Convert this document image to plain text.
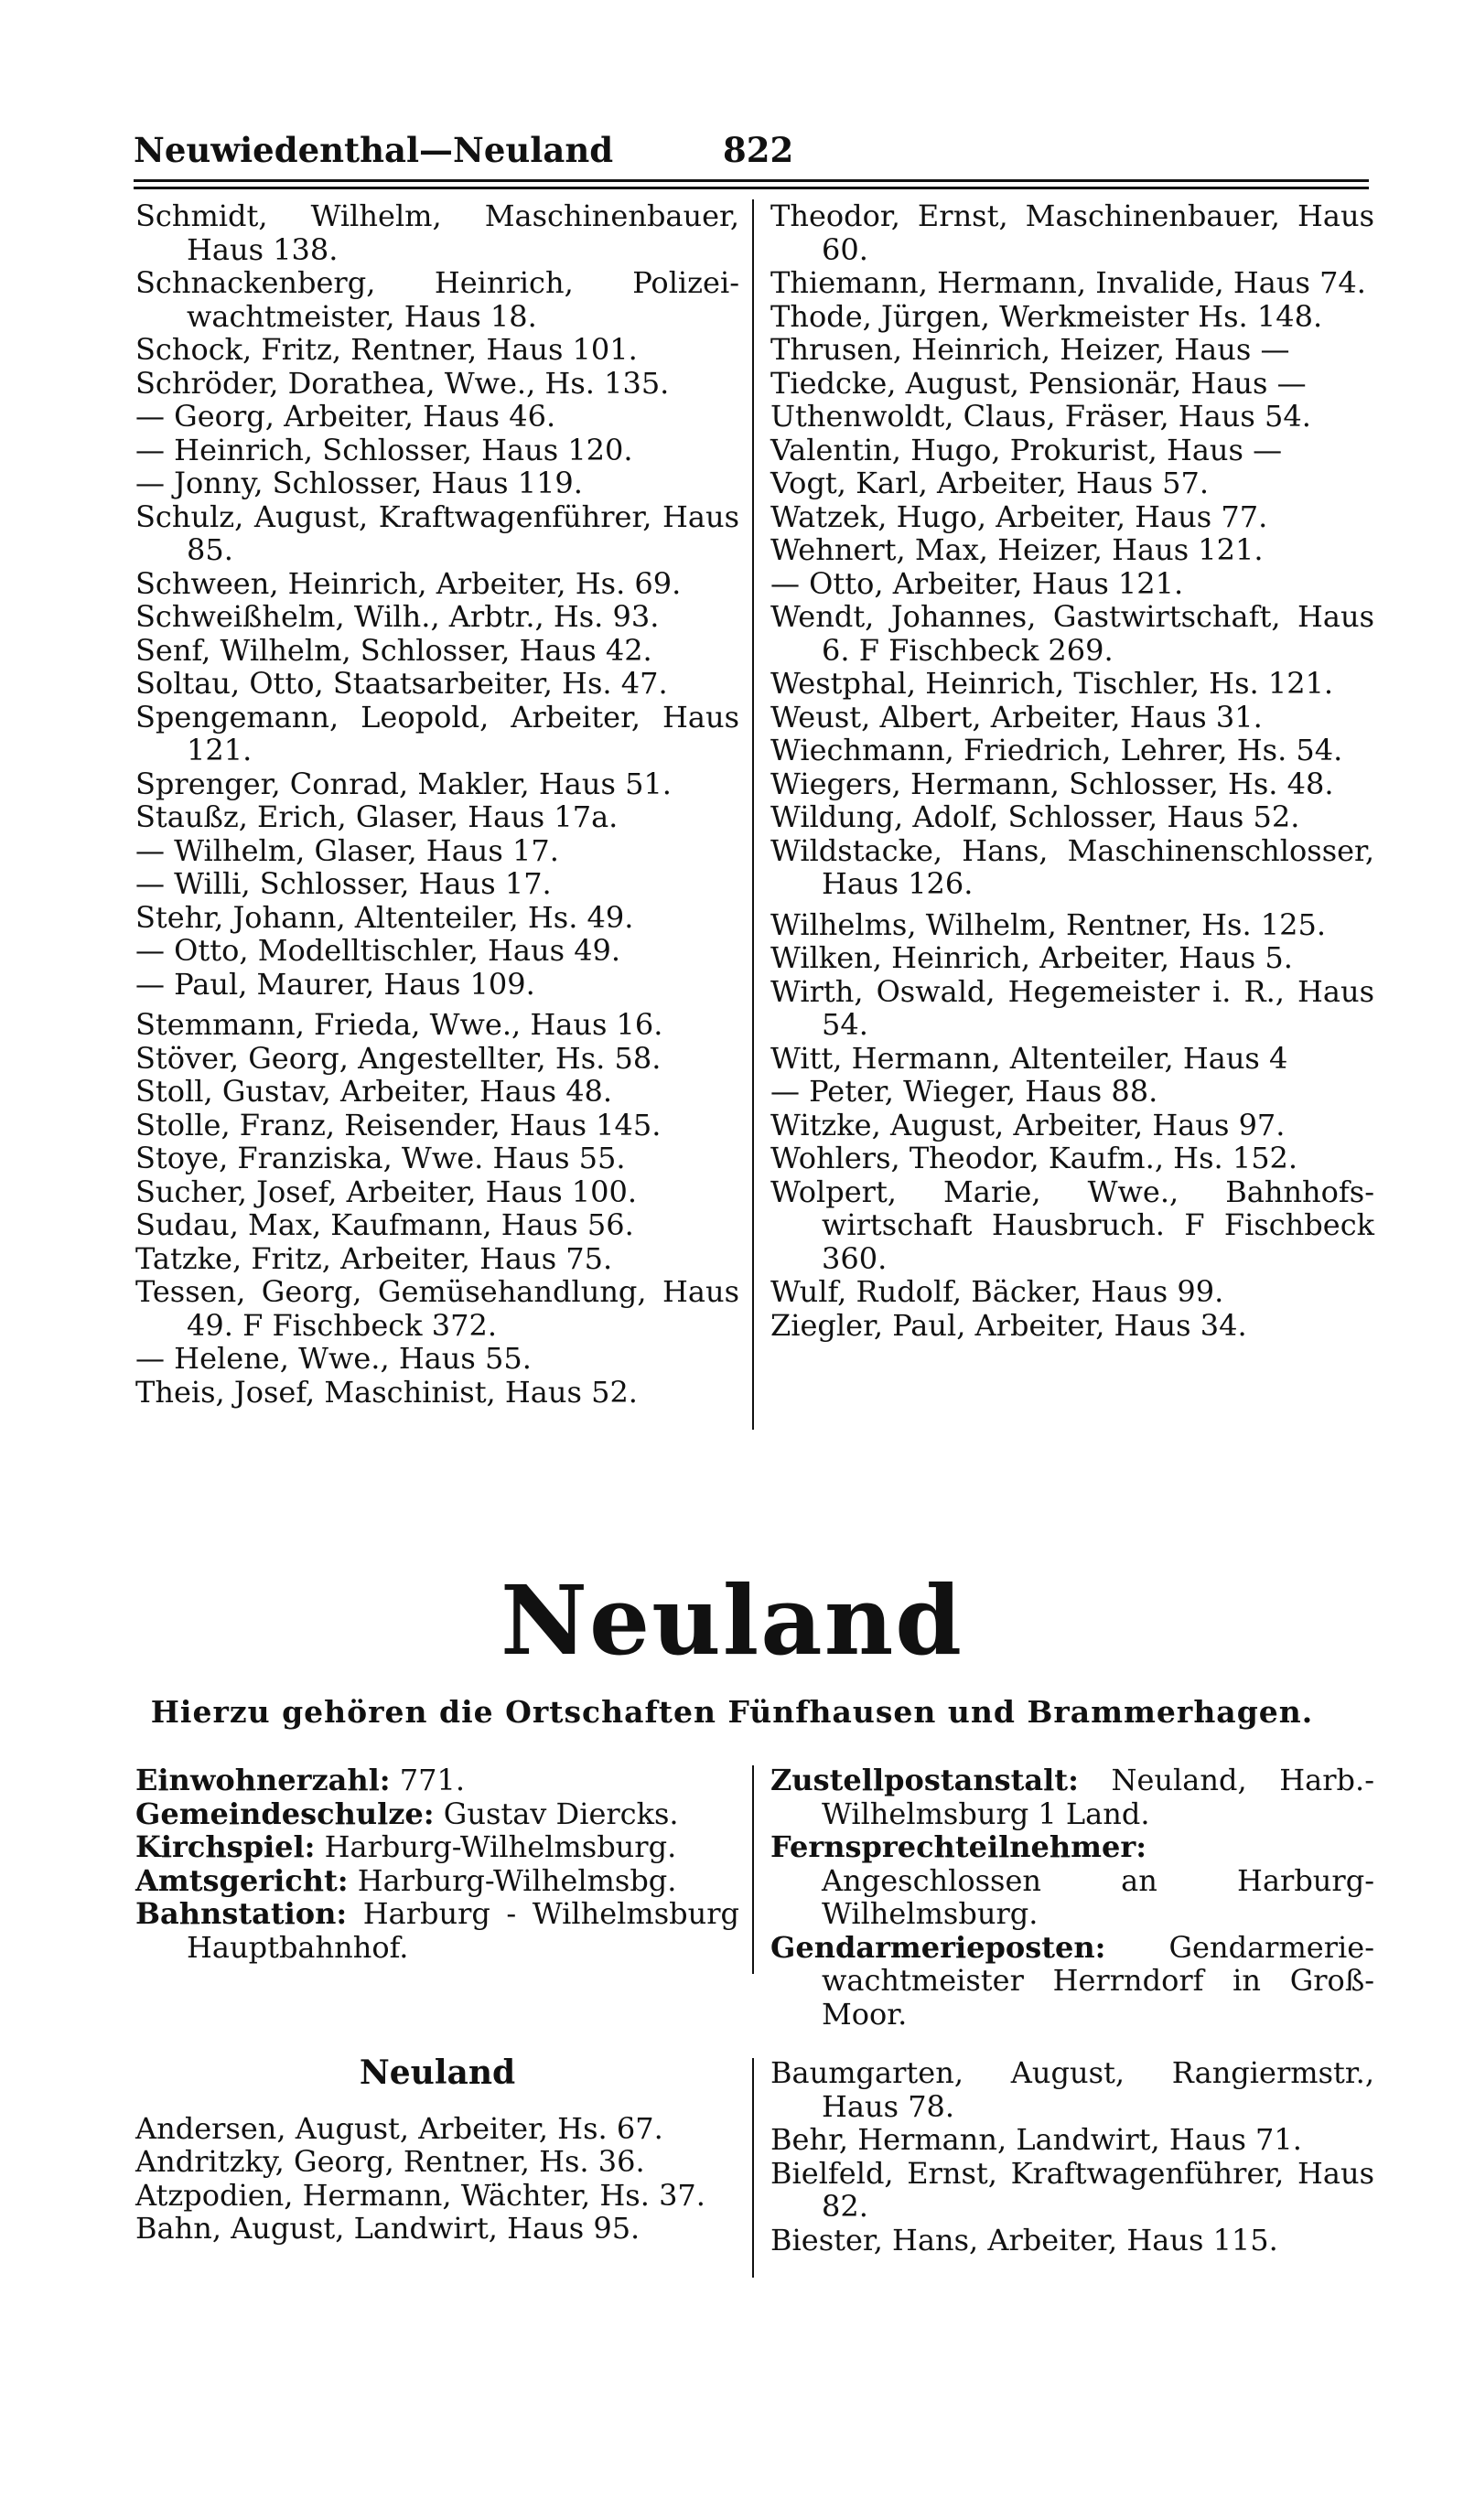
Neuwiedenthal—Neuland	822

Schmidt, Wilhelm, Maschinenbauer, Haus 138.

Schnackenberg, Heinrich, Polizei-wachtmeister, Haus 18.

Schock, Fritz, Rentner, Haus 101.

Schröder, Dorathea, Wwe., Hs. 135.

— Georg, Arbeiter, Haus 46.

— Heinrich, Schlosser, Haus 120.

— Jonny, Schlosser, Haus 119.

Schulz, August, Kraftwagenführer, Haus 85.

Schween, Heinrich, Arbeiter, Hs. 69.

Schweißhelm, Wilh., Arbtr., Hs. 93.

Senf, Wilhelm, Schlosser, Haus 42.

Soltau, Otto, Staatsarbeiter, Hs. 47.

Spengemann, Leopold, Arbeiter, Haus 121.

Sprenger, Conrad, Makler, Haus 51.

Staußz, Erich, Glaser, Haus 17a.

— Wilhelm, Glaser, Haus 17.

— Willi, Schlosser, Haus 17.

Stehr, Johann, Altenteiler, Hs. 49.

— Otto, Modelltischler, Haus 49.

— Paul, Maurer, Haus 109.

Stemmann, Frieda, Wwe., Haus 16.

Stöver, Georg, Angestellter, Hs. 58.

Stoll, Gustav, Arbeiter, Haus 48.

Stolle, Franz, Reisender, Haus 145.

Stoye, Franziska, Wwe. Haus 55.

Sucher, Josef, Arbeiter, Haus 100.

Sudau, Max, Kaufmann, Haus 56.

Tatzke, Fritz, Arbeiter, Haus 75.

Tessen, Georg, Gemüsehandlung, Haus 49. F Fischbeck 372.

— Helene, Wwe., Haus 55.

Theis, Josef, Maschinist, Haus 52.

Theodor, Ernst, Maschinenbauer, Haus 60.

Thiemann, Hermann, Invalide, Haus 74.

Thode, Jürgen, Werkmeister Hs. 148.

Thrusen, Heinrich, Heizer, Haus —

Tiedcke, August, Pensionär, Haus —

Uthenwoldt, Claus, Fräser, Haus 54.

Valentin, Hugo, Prokurist, Haus —

Vogt, Karl, Arbeiter, Haus 57.

Watzek, Hugo, Arbeiter, Haus 77.

Wehnert, Max, Heizer, Haus 121.

— Otto, Arbeiter, Haus 121.

Wendt, Johannes, Gastwirtschaft, Haus 6. F Fischbeck 269.

Westphal, Heinrich, Tischler, Hs. 121.

Weust, Albert, Arbeiter, Haus 31.

Wiechmann, Friedrich, Lehrer, Hs. 54.

Wiegers, Hermann, Schlosser, Hs. 48.

Wildung, Adolf, Schlosser, Haus 52.

Wildstacke, Hans, Maschinenschlosser, Haus 126.

Wilhelms, Wilhelm, Rentner, Hs. 125.

Wilken, Heinrich, Arbeiter, Haus 5.

Wirth, Oswald, Hegemeister i. R., Haus 54.

Witt, Hermann, Altenteiler, Haus 4

— Peter, Wieger, Haus 88.

Witzke, August, Arbeiter, Haus 97.

Wohlers, Theodor, Kaufm., Hs. 152.

Wolpert, Marie, Wwe., Bahnhofs-wirtschaft Hausbruch. F Fischbeck 360.

Wulf, Rudolf, Bäcker, Haus 99.

Ziegler, Paul, Arbeiter, Haus 34.

Neuland
Hierzu gehören die Ortschaften Fünfhausen und Brammerhagen.

Einwohnerzahl: 771.

Gemeindeschulze: Gustav Diercks.

Kirchspiel: Harburg-Wilhelmsburg.

Amtsgericht: Harburg-Wilhelmsbg.

Bahnstation: Harburg - Wilhelmsburg Hauptbahnhof.

Zustellpostanstalt: Neuland, Harb.-Wilhelmsburg 1 Land.

Fernsprechteilnehmer: Angeschlossen an Harburg-Wilhelmsburg.

Gendarmerieposten: Gendarmerie-wachtmeister Herrndorf in Groß-Moor.

Neuland

Andersen, August, Arbeiter, Hs. 67.

Andritzky, Georg, Rentner, Hs. 36.

Atzpodien, Hermann, Wächter, Hs. 37.

Bahn, August, Landwirt, Haus 95.

Baumgarten, August, Rangiermstr., Haus 78.

Behr, Hermann, Landwirt, Haus 71.

Bielfeld, Ernst, Kraftwagenführer, Haus 82.

Biester, Hans, Arbeiter, Haus 115.
